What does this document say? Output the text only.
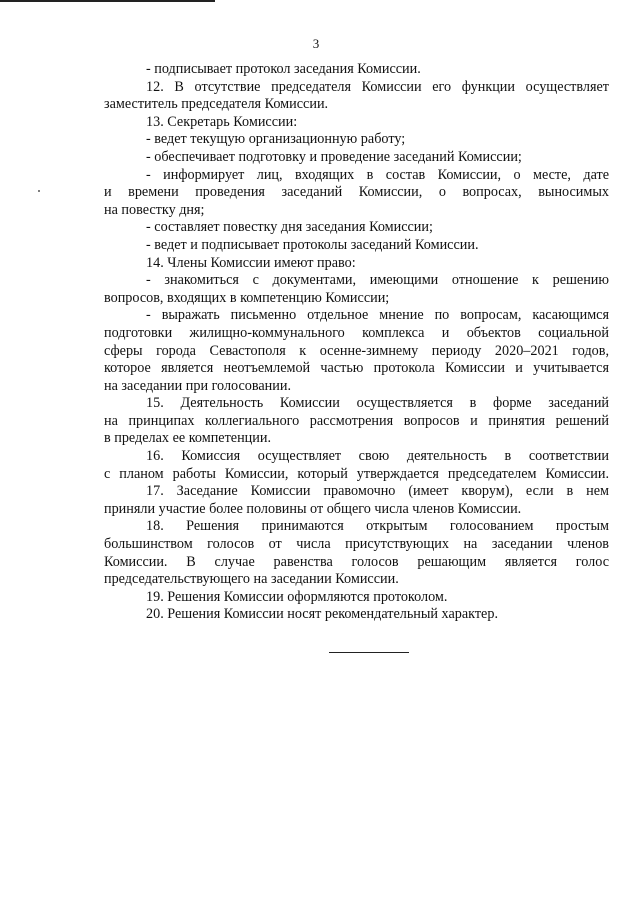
3
- подписывает протокол заседания Комиссии.
12. В отсутствие председателя Комиссии его функции осуществляет
заместитель председателя Комиссии.
13. Секретарь Комиссии:
- ведет текущую организационную работу;
- обеспечивает подготовку и проведение заседаний Комиссии;
- информирует лиц, входящих в состав Комиссии, о месте, дате
и времени проведения заседаний Комиссии, о вопросах, выносимых
на повестку дня;
- составляет повестку дня заседания Комиссии;
- ведет и подписывает протоколы заседаний Комиссии.
14. Члены Комиссии имеют право:
- знакомиться с документами, имеющими отношение к решению
вопросов, входящих в компетенцию Комиссии;
- выражать письменно отдельное мнение по вопросам, касающимся
подготовки жилищно-коммунального комплекса и объектов социальной
сферы города Севастополя к осенне-зимнему периоду 2020–2021 годов,
которое является неотъемлемой частью протокола Комиссии и учитывается
на заседании при голосовании.
15. Деятельность Комиссии осуществляется в форме заседаний
на принципах коллегиального рассмотрения вопросов и принятия решений
в пределах ее компетенции.
16. Комиссия осуществляет свою деятельность в соответствии
с планом работы Комиссии, который утверждается председателем Комиссии.
17. Заседание Комиссии правомочно (имеет кворум), если в нем
приняли участие более половины от общего числа членов Комиссии.
18. Решения принимаются открытым голосованием простым
большинством голосов от числа присутствующих на заседании членов
Комиссии. В случае равенства голосов решающим является голос
председательствующего на заседании Комиссии.
19. Решения Комиссии оформляются протоколом.
20. Решения Комиссии носят рекомендательный характер.
